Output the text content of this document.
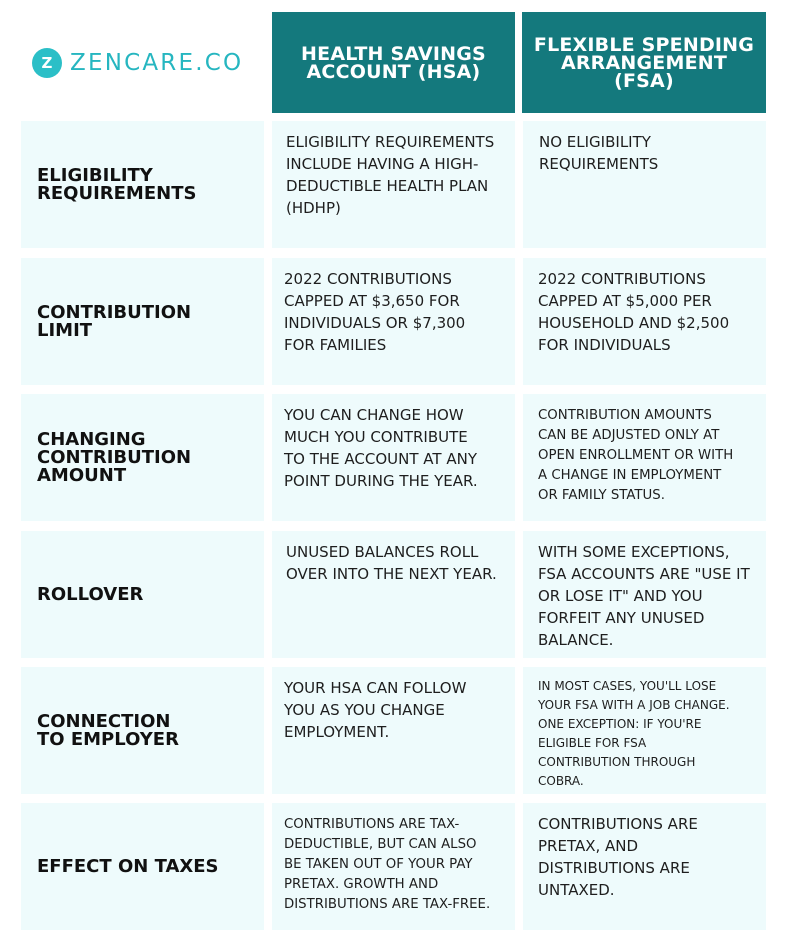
Z ZENCARE.CO	HEALTH SAVINGS
ACCOUNT (HSA)
FLEXIBLE SPENDING
ARRANGEMENT
(FSA)
ELIGIBILITY
REQUIREMENTS
ELIGIBILITY REQUIREMENTS
INCLUDE HAVING A HIGH-
DEDUCTIBLE HEALTH PLAN
(HDHP)
NO ELIGIBILITY
REQUIREMENTS
CONTRIBUTION
LIMIT
2022 CONTRIBUTIONS
CAPPED AT $3,650 FOR
INDIVIDUALS OR $7,300
FOR FAMILIES
2022 CONTRIBUTIONS
CAPPED AT $5,000 PER
HOUSEHOLD AND $2,500
FOR INDIVIDUALS
CHANGING
CONTRIBUTION
AMOUNT
YOU CAN CHANGE HOW
MUCH YOU CONTRIBUTE
TO THE ACCOUNT AT ANY
POINT DURING THE YEAR.
CONTRIBUTION AMOUNTS
CAN BE ADJUSTED ONLY AT
OPEN ENROLLMENT OR WITH
A CHANGE IN EMPLOYMENT
OR FAMILY STATUS.
ROLLOVER
UNUSED BALANCES ROLL
OVER INTO THE NEXT YEAR.
WITH SOME EXCEPTIONS,
FSA ACCOUNTS ARE "USE IT
OR LOSE IT" AND YOU
FORFEIT ANY UNUSED
BALANCE.
CONNECTION
TO EMPLOYER
YOUR HSA CAN FOLLOW
YOU AS YOU CHANGE
EMPLOYMENT.
IN MOST CASES, YOU'LL LOSE
YOUR FSA WITH A JOB CHANGE.
ONE EXCEPTION: IF YOU'RE
ELIGIBLE FOR FSA
CONTRIBUTION THROUGH
COBRA.
EFFECT ON TAXES
CONTRIBUTIONS ARE TAX-
DEDUCTIBLE, BUT CAN ALSO
BE TAKEN OUT OF YOUR PAY
PRETAX. GROWTH AND
DISTRIBUTIONS ARE TAX-FREE.
CONTRIBUTIONS ARE
PRETAX, AND
DISTRIBUTIONS ARE
UNTAXED.
